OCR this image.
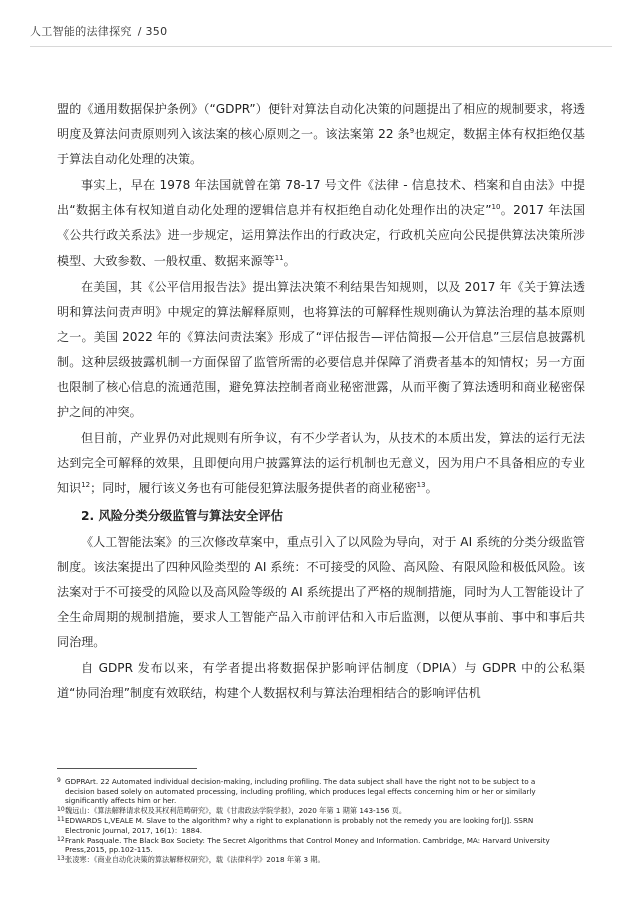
人工智能的法律探究 / 350

盟的《通用数据保护条例》（“GDPR”）便针对算法自动化决策的问题提出了相应的规制要求，将透明度及算法问责原则列入该法案的核心原则之一。该法案第 22 条$^9$也规定，数据主体有权拒绝仅基于算法自动化处理的决策。

事实上，早在 1978 年法国就曾在第 78-17 号文件《法律 - 信息技术、档案和自由法》中提出“数据主体有权知道自动化处理的逻辑信息并有权拒绝自动化处理作出的决定”$^{10}$。2017 年法国《公共行政关系法》进一步规定，运用算法作出的行政决定，行政机关应向公民提供算法决策所涉模型、大致参数、一般权重、数据来源等$^{11}$。

在美国，其《公平信用报告法》提出算法决策不利结果告知规则，以及 2017 年《关于算法透明和算法问责声明》中规定的算法解释原则，也将算法的可解释性规则确认为算法治理的基本原则之一。美国 2022 年的《算法问责法案》形成了“评估报告—评估简报—公开信息”三层信息披露机制。这种层级披露机制一方面保留了监管所需的必要信息并保障了消费者基本的知情权；另一方面也限制了核心信息的流通范围，避免算法控制者商业秘密泄露，从而平衡了算法透明和商业秘密保护之间的冲突。

但目前，产业界仍对此规则有所争议，有不少学者认为，从技术的本质出发，算法的运行无法达到完全可解释的效果，且即便向用户披露算法的运行机制也无意义，因为用户不具备相应的专业知识$^{12}$；同时，履行该义务也有可能侵犯算法服务提供者的商业秘密$^{13}$。

2. 风险分类分级监管与算法安全评估

《人工智能法案》的三次修改草案中，重点引入了以风险为导向，对于 AI 系统的分类分级监管制度。该法案提出了四种风险类型的 AI 系统：不可接受的风险、高风险、有限风险和极低风险。该法案对于不可接受的风险以及高风险等级的 AI 系统提出了严格的规制措施，同时为人工智能设计了全生命周期的规制措施，要求人工智能产品入市前评估和入市后监测，以便从事前、事中和事后共同治理。

自 GDPR 发布以来，有学者提出将数据保护影响评估制度（DPIA）与 GDPR 中的公私渠道“协同治理”制度有效联结，构建个人数据权利与算法治理相结合的影响评估机

9 GDPRArt. 22 Automated individual decision-making, including profiling. The data subject shall have the right not to be subject to a decision based solely on automated processing, including profiling, which produces legal effects concerning him or her or similarly significantly affects him or her.
10 魏远山：《算法解释请求权及其权利范畴研究》，载《甘肃政法学院学报》，2020 年第 1 期第 143-156 页。
11 EDWARDS L,VEALE M. Slave to the algorithm? why a right to explanationn is probably not the remedy you are looking for[J]. SSRN Electronic Journal, 2017, 16(1)：1884.
12 Frank Pasquale. The Black Box Society: The Secret Algorithms that Control Money and Information. Cambridge, MA: Harvard University Press,2015, pp.102-115.
13 张凌寒：《商业自动化决策的算法解释权研究》，载《法律科学》2018 年第 3 期。
